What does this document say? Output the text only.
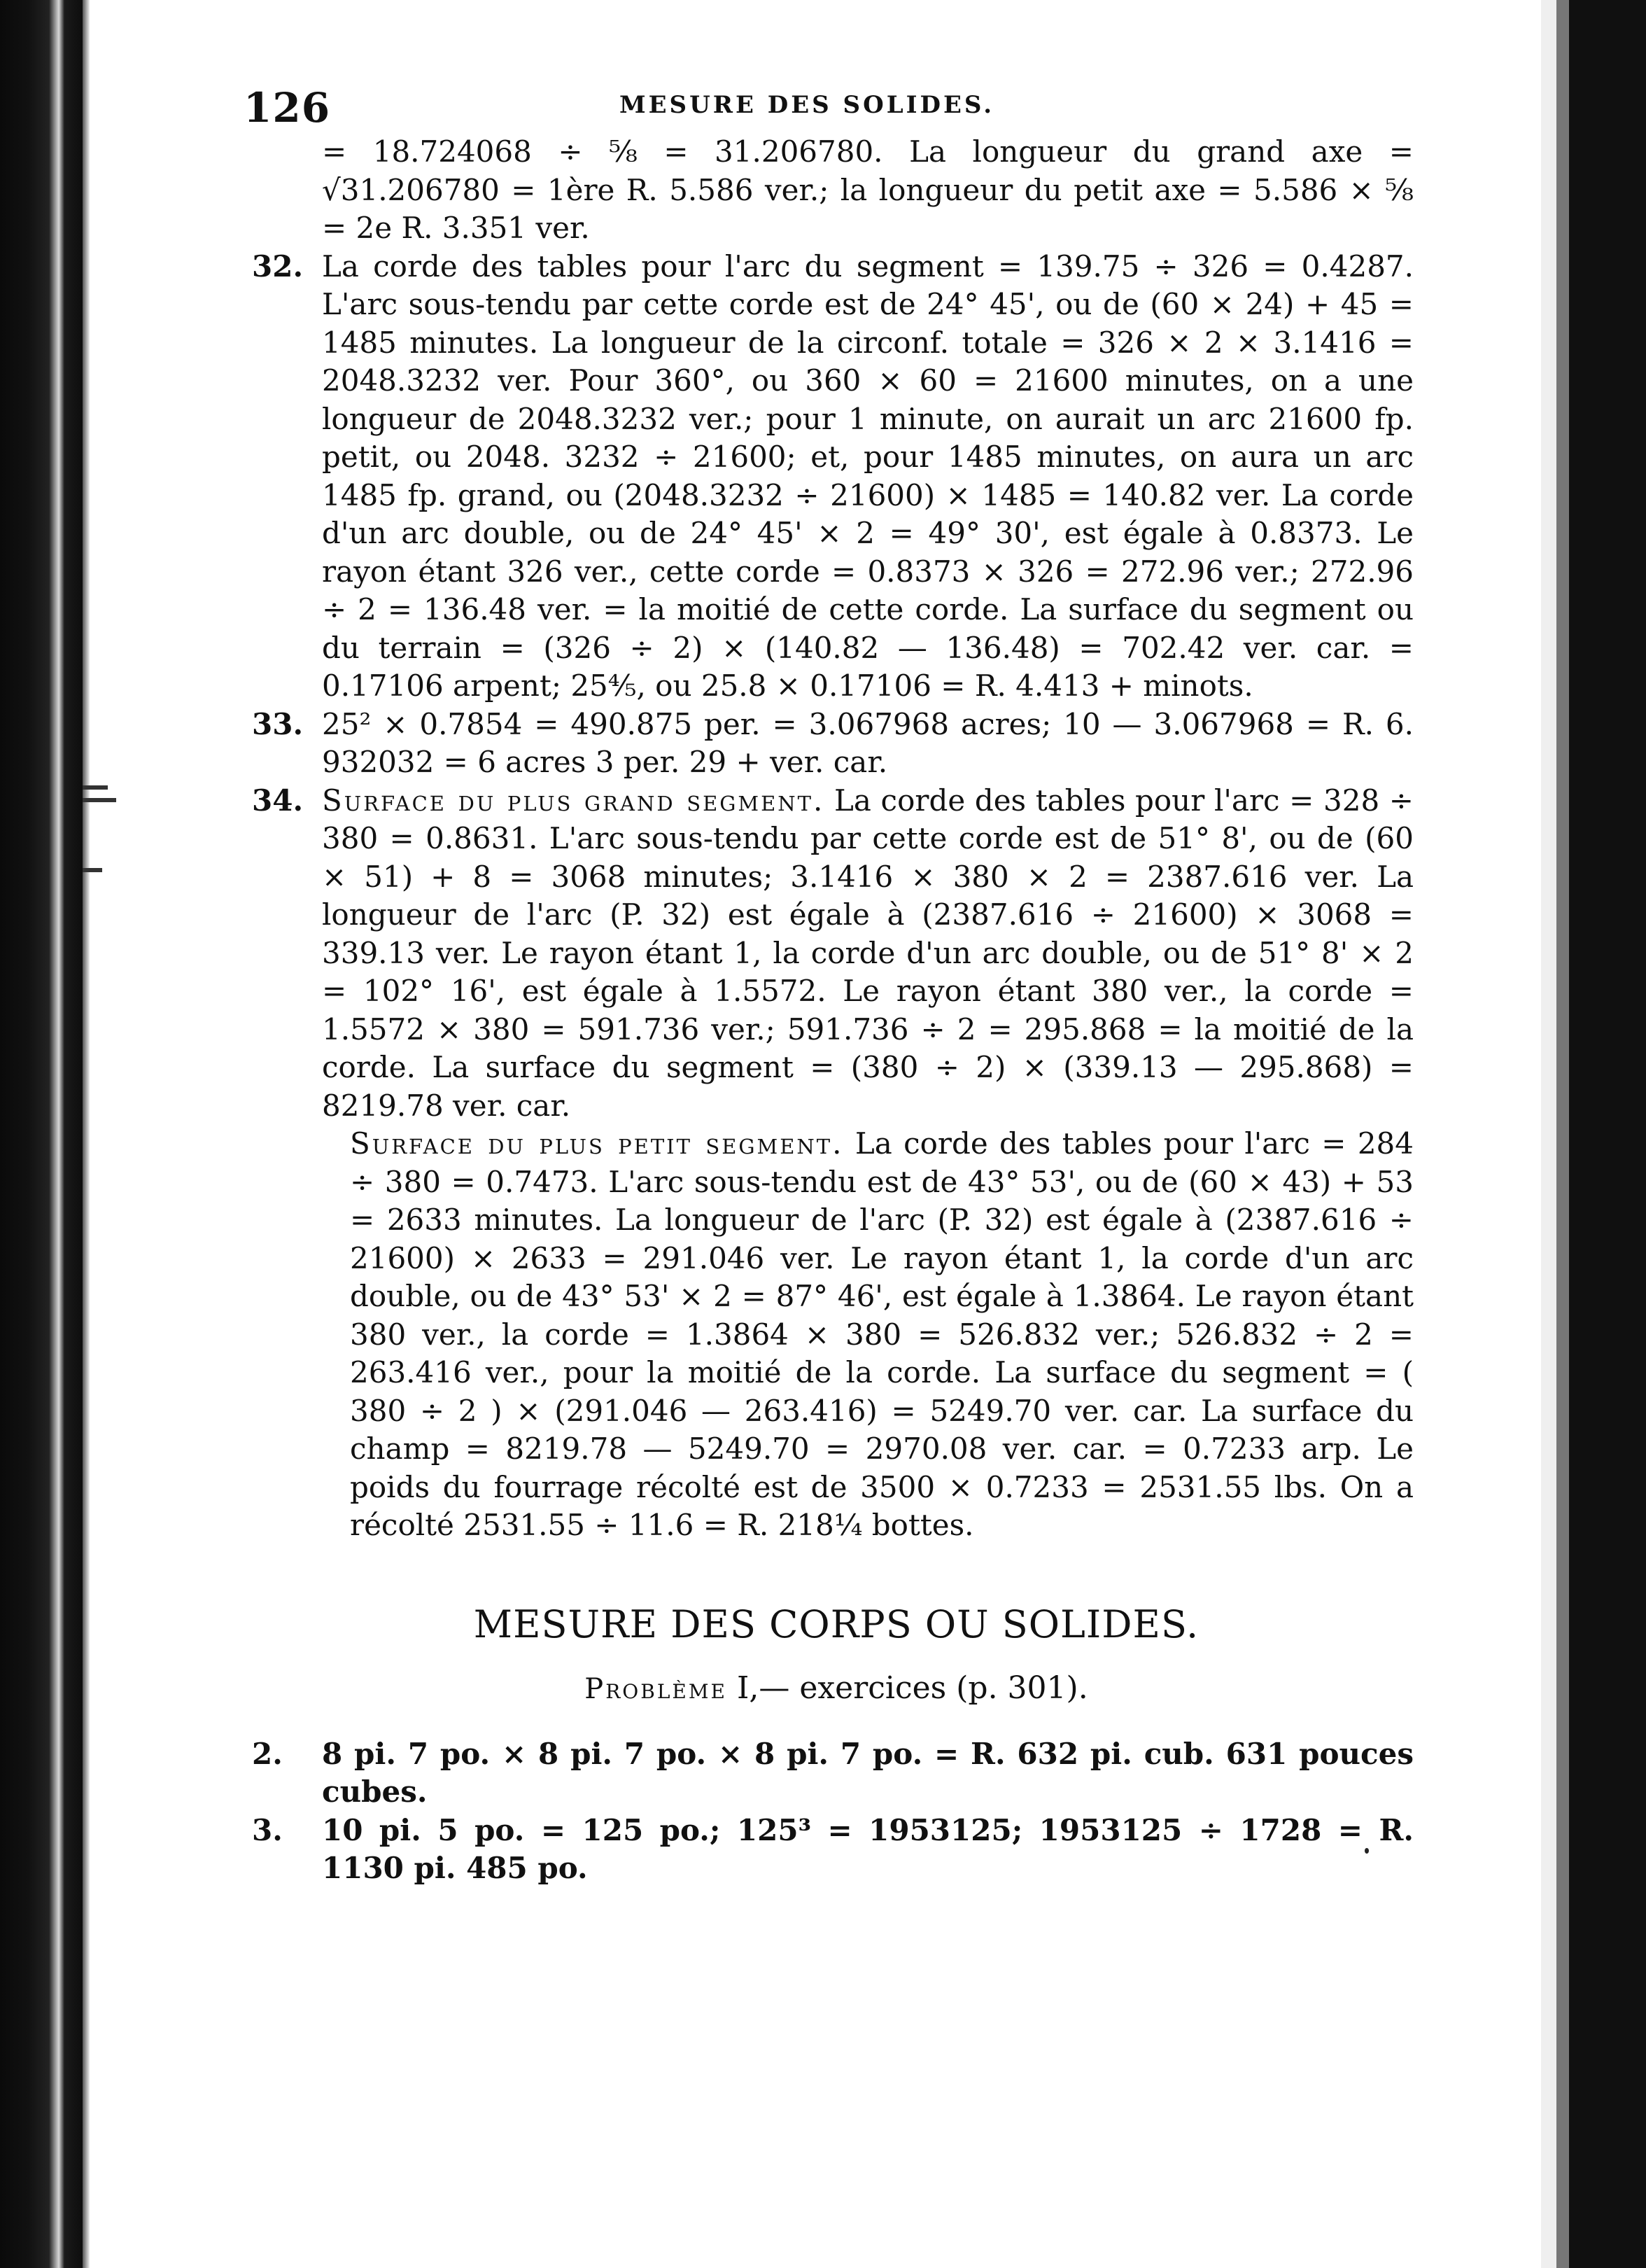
126	MESURE DES SOLIDES.

= 18.724068 ÷ ⅝ = 31.206780. La longueur du grand axe = √31.206780 = 1ère R. 5.586 ver.; la longueur du petit axe = 5.586 × ⅝ = 2e R. 3.351 ver.

32. La corde des tables pour l'arc du segment = 139.75 ÷ 326 = 0.4287. L'arc sous-tendu par cette corde est de 24° 45', ou de (60 × 24) + 45 = 1485 minutes. La longueur de la circonf. totale = 326 × 2 × 3.1416 = 2048.3232 ver. Pour 360°, ou 360 × 60 = 21600 minutes, on a une longueur de 2048.3232 ver.; pour 1 minute, on aurait un arc 21600 fp. petit, ou 2048. 3232 ÷ 21600; et, pour 1485 minutes, on aura un arc 1485 fp. grand, ou (2048.3232 ÷ 21600) × 1485 = 140.82 ver. La corde d'un arc double, ou de 24° 45' × 2 = 49° 30', est égale à 0.8373. Le rayon étant 326 ver., cette corde = 0.8373 × 326 = 272.96 ver.; 272.96 ÷ 2 = 136.48 ver. = la moitié de cette corde. La surface du segment ou du terrain = (326 ÷ 2) × (140.82 — 136.48) = 702.42 ver. car. = 0.17106 arpent; 25⅘, ou 25.8 × 0.17106 = R. 4.413 + minots.
33. 25² × 0.7854 = 490.875 per. = 3.067968 acres; 10 — 3.067968 = R. 6. 932032 = 6 acres 3 per. 29 + ver. car.
34. Surface du plus grand segment. La corde des tables pour l'arc = 328 ÷ 380 = 0.8631. L'arc sous-tendu par cette corde est de 51° 8', ou de (60 × 51) + 8 = 3068 minutes; 3.1416 × 380 × 2 = 2387.616 ver. La longueur de l'arc (P. 32) est égale à (2387.616 ÷ 21600) × 3068 = 339.13 ver. Le rayon étant 1, la corde d'un arc double, ou de 51° 8' × 2 = 102° 16', est égale à 1.5572. Le rayon étant 380 ver., la corde = 1.5572 × 380 = 591.736 ver.; 591.736 ÷ 2 = 295.868 = la moitié de la corde. La surface du segment = (380 ÷ 2) × (339.13 — 295.868) = 8219.78 ver. car.
Surface du plus petit segment. La corde des tables pour l'arc = 284 ÷ 380 = 0.7473. L'arc sous-tendu est de 43° 53', ou de (60 × 43) + 53 = 2633 minutes. La longueur de l'arc (P. 32) est égale à (2387.616 ÷ 21600) × 2633 = 291.046 ver. Le rayon étant 1, la corde d'un arc double, ou de 43° 53' × 2 = 87° 46', est égale à 1.3864. Le rayon étant 380 ver., la corde = 1.3864 × 380 = 526.832 ver.; 526.832 ÷ 2 = 263.416 ver., pour la moitié de la corde. La surface du segment = ( 380 ÷ 2 ) × (291.046 — 263.416) = 5249.70 ver. car. La surface du champ = 8219.78 — 5249.70 = 2970.08 ver. car. = 0.7233 arp. Le poids du fourrage récolté est de 3500 × 0.7233 = 2531.55 lbs. On a récolté 2531.55 ÷ 11.6 = R. 218¼ bottes.
MESURE DES CORPS OU SOLIDES.
Problème I,— exercices (p. 301).
2. 8 pi. 7 po. × 8 pi. 7 po. × 8 pi. 7 po. = R. 632 pi. cub. 631 pouces cubes.
3. 10 pi. 5 po. = 125 po.; 125³ = 1953125; 1953125 ÷ 1728 = R. 1130 pi. 485 po.
